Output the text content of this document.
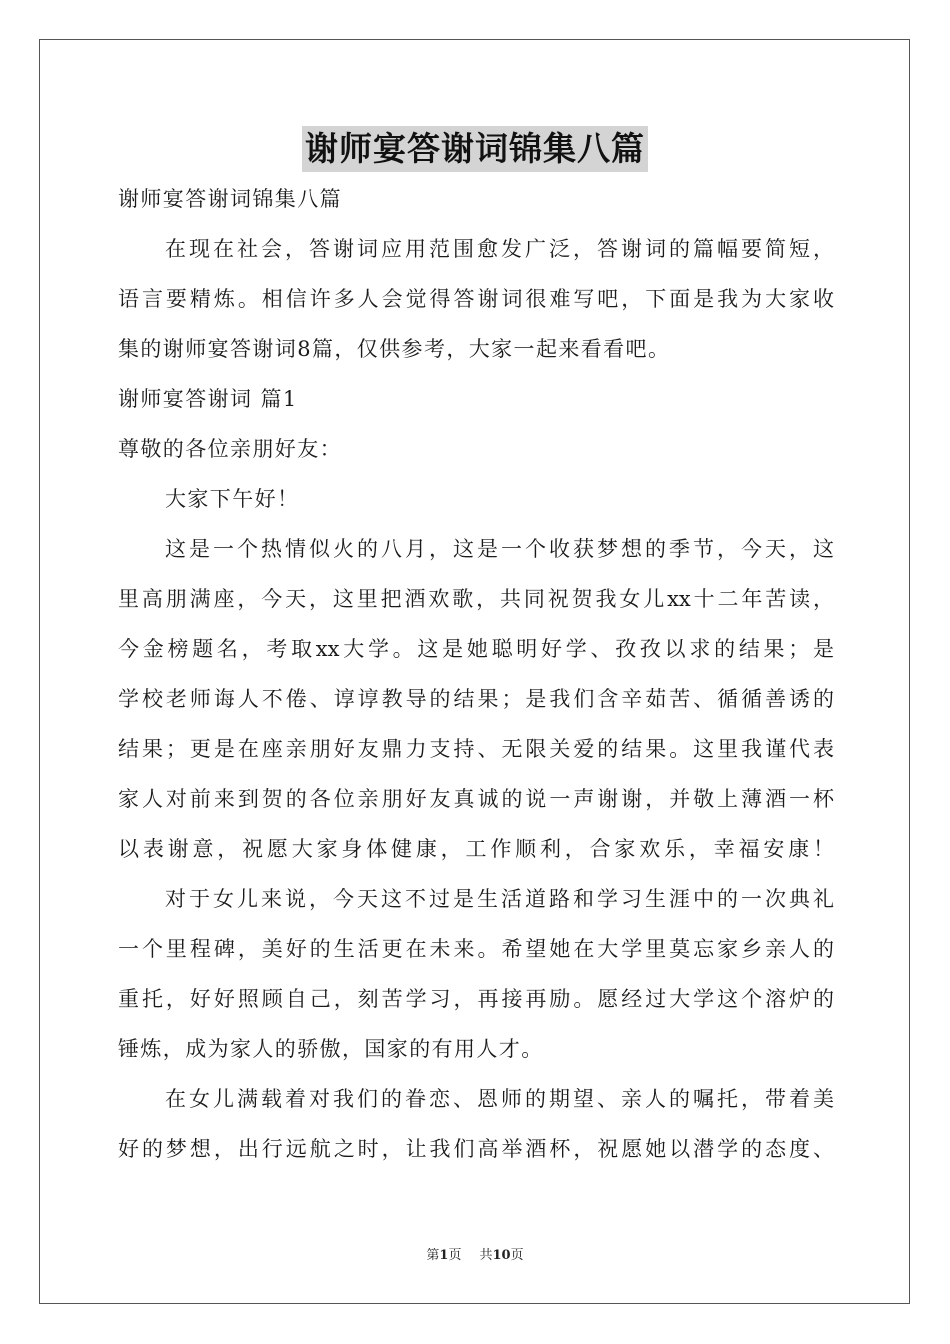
谢师宴答谢词锦集八篇
谢师宴答谢词锦集八篇
在现在社会，答谢词应用范围愈发广泛，答谢词的篇幅要简短，
语言要精炼。相信许多人会觉得答谢词很难写吧，下面是我为大家收
集的谢师宴答谢词8篇，仅供参考，大家一起来看看吧。
谢师宴答谢词 篇1
尊敬的各位亲朋好友：
大家下午好！
这是一个热情似火的八月，这是一个收获梦想的季节，今天，这
里高朋满座，今天，这里把酒欢歌，共同祝贺我女儿xx十二年苦读，
今金榜题名，考取xx大学。这是她聪明好学、孜孜以求的结果；是
学校老师诲人不倦、谆谆教导的结果；是我们含辛茹苦、循循善诱的
结果；更是在座亲朋好友鼎力支持、无限关爱的结果。这里我谨代表
家人对前来到贺的各位亲朋好友真诚的说一声谢谢，并敬上薄酒一杯
以表谢意，祝愿大家身体健康，工作顺利，合家欢乐，幸福安康！
对于女儿来说，今天这不过是生活道路和学习生涯中的一次典礼
一个里程碑，美好的生活更在未来。希望她在大学里莫忘家乡亲人的
重托，好好照顾自己，刻苦学习，再接再励。愿经过大学这个溶炉的
锤炼，成为家人的骄傲，国家的有用人才。
在女儿满载着对我们的眷恋、恩师的期望、亲人的嘱托，带着美
好的梦想，出行远航之时，让我们高举酒杯，祝愿她以潜学的态度、
第1页 共10页
